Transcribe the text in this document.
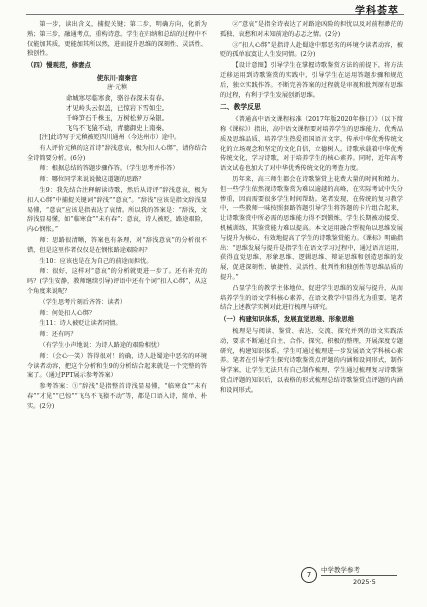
学科荟萃

第一步，读出含义，捕捉关键；第二步，明确方向，化新为熟；第三步，融通考点，重构诗意。学生在归纳和总结的过程中不仅能加其质，更能加其所以然，进而提升思维的深刻性、灵活性、独创性。

（四）慢观范，修妻点
使东川·南秦宫
唐·元稹
命城寒尽临寒食，骆谷春深未有春。
才见岭头云似盖，已惊岩下雪如尘。
千峰笋石千株玉，万树松萝万朵银。
飞鸟不飞猿不动，青骢御史上南秦。

[注]此诗写于元稹被贬四川通州（今达州市）途中。

有人评价元稹的这首诗“辞浅意哀，极为扣人心绑”，请你结合全诗简要分析。(6分)

师：根据总结的答题步骤作答。（学生思考并作答）

师：哪位同学来说说做这道题的思路？

生9：我先结合注释解读诗歌，然后从诗评“辞浅意哀，极为扣人心绑”中捕捉关键词“辞浅”“意哀”。“辞浅”应该是指文辞浅显易懂，“意哀”应该是指表达了哀情。所以我的答案是：“辞浅，文辞浅显易懂，如“临寒食”“未有春”；意哀，诗人被贬，路途艰险，内心悯怅。”

师：思路很清晰，答案也有条理，对“辞浅意哀”的分析很不错，但是这里作者仅仅是在悯怅路途艰险吗？

生10：应该也是在为自己的前途而担忧。

师：很好，这样对“意哀”的分析就更进一步了。还有补充的吗？(学生安静，教师继续引导)评语中还有个词“扣人心绑”，从这个角度来说呢？

（学生思考片刻后齐答：读者）

师：何处扣人心绑？

生11：诗人被贬让读者同情。

师：还有吗？

（有学生小声地说：为诗人路途的艰险相忧）

师：（会心一笑）答得很对！的确，诗人赴蜀途中恶劣的环境令读者动容，把这个分析和生9的分析结合起来就是一个完整的答案了。（通过PPT展示参考答案）

参考答案：①“辞浅”是指整首诗浅显易懂，“临寒食”“未有春”“才见”“已惊”“飞鸟不飞猿不动”等，都是口语入诗，简单、朴实。(2分)

②“意哀”是指全诗表达了对路途凶险的担忧以及对前程渺茫的孤独、哀愁和对未知前途的忐忑之情。(2分)

③“扣人心绑”是指诗人赴蜀途中那恶劣的环境令读者动容，被贬的孤单寂寞让人生发同情。(2分)

【设计意图】引导学生在掌握诗歌鉴赏方法的前提下，将方法迁移运用到诗歌鉴赏的实践中，引导学生在运用答题步骤和规范后，独立实践作答。不断完善答案的过程就是审视和批判原有思维的过程，有利于学生发展创新思维。

二、教学反思

《普通高中语文课程标准（2017年版2020年修订）》（以下简称《课标》）指出，高中语文课程要对培养学生的思维能力、优秀品质及思维品质、培养学生热爱祖国语言文字，传承中华优秀传统文化的立场观念和坚定的文化自信，立德树人。诗歌承载着中华优秀传统文化，学习诗歌，对于培养学生的核心素养。同时，近年高考语文试卷也加大了对中华优秀传统文化的考查力度。

历年来，高三师生都会在诗歌鉴赏上花费大量的时间和精力。但一些学生依然视诗歌鉴赏为难以逾越的高峰，在实际考试中失分惨重，因而需要很多学生时间帮助。笔者发现，在传统的复习教学中，一些教师一味按照套路答题引导学生将答题的卡片组合起来，让诗歌鉴赏中所必需的思维能力得不到锻炼，学生长期被动接受、机械训练，其鉴赏能力难以提高。本文运用融合型视角以思维发展与提升为核心，有效地提高了学生的诗歌鉴赏能力。《课标》明确指出：“思维发展与提升是指学生在语文学习过程中，通过语言运用，获得直觉思维、形象思维、逻辑思维、辩证思维和创造思维的发展，促进深刻性、敏捷性、灵活性、批判性和独创性等思维品质的提升。”

凸显学生的教学主体地位，促进学生思维的发展与提升，从而培养学生的语文学科核心素养，在语文教学中显得尤为重要。笔者结合上述教学实例对此进行梳理与研究。

（一）构建知识体系，发展直觉思维、形象思维

梳理是与阅读、鉴赏、表达、交流、探究并列的语文实践活动，要求不断通过自主、合作、探究、积极的整理，开展深度专题研究，构建知识体系。学生可通过梳理进一步发展语文学科核心素养。笔者在引导学生探究诗歌鉴赏点评题的内涵和设问形式，制作导学案，让学生无法只有自己制作梳理，学生通过梳理复习诗歌鉴赏点评题的知识后，以表格的形式梳理总结诗歌鉴赏点评题的内涵和设问形式。

7
中学教学参考
2025·5
